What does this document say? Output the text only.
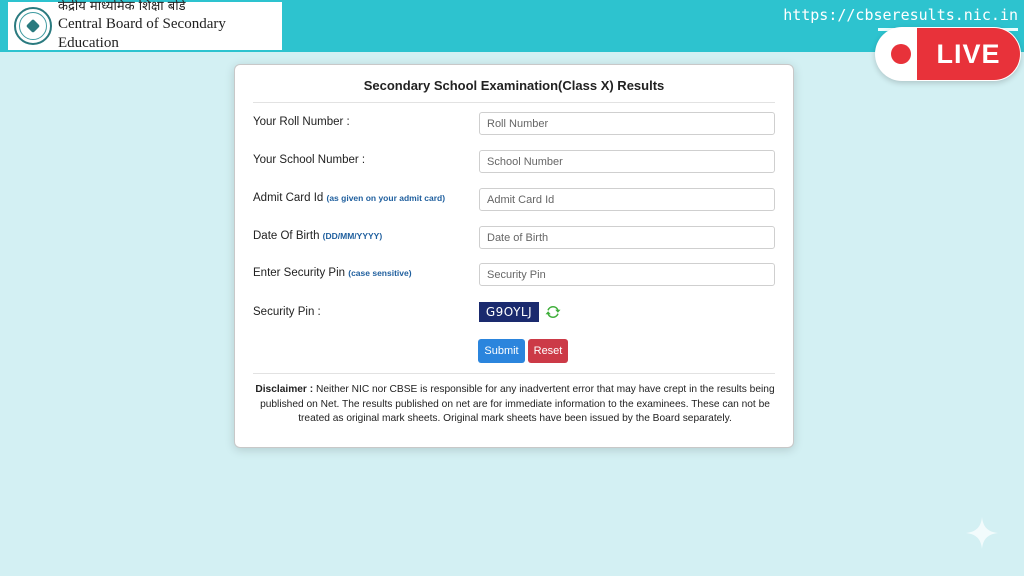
केंद्रीय माध्यमिक शिक्षा बोर्ड
Central Board of Secondary Education
https://cbseresults.nic.in
LIVE
Secondary School Examination(Class X) Results
Your Roll Number :
Roll Number
Your School Number :
School Number
Admit Card Id (as given on your admit card)
Admit Card Id
Date Of Birth (DD/MM/YYYY)
Date of Birth
Enter Security Pin (case sensitive)
Security Pin
Security Pin :	G9OYLJ
Submit	Reset

Disclaimer : Neither NIC nor CBSE is responsible for any inadvertent error that may have crept in the results being published on Net. The results published on net are for immediate information to the examinees. These can not be treated as original mark sheets. Original mark sheets have been issued by the Board separately.
